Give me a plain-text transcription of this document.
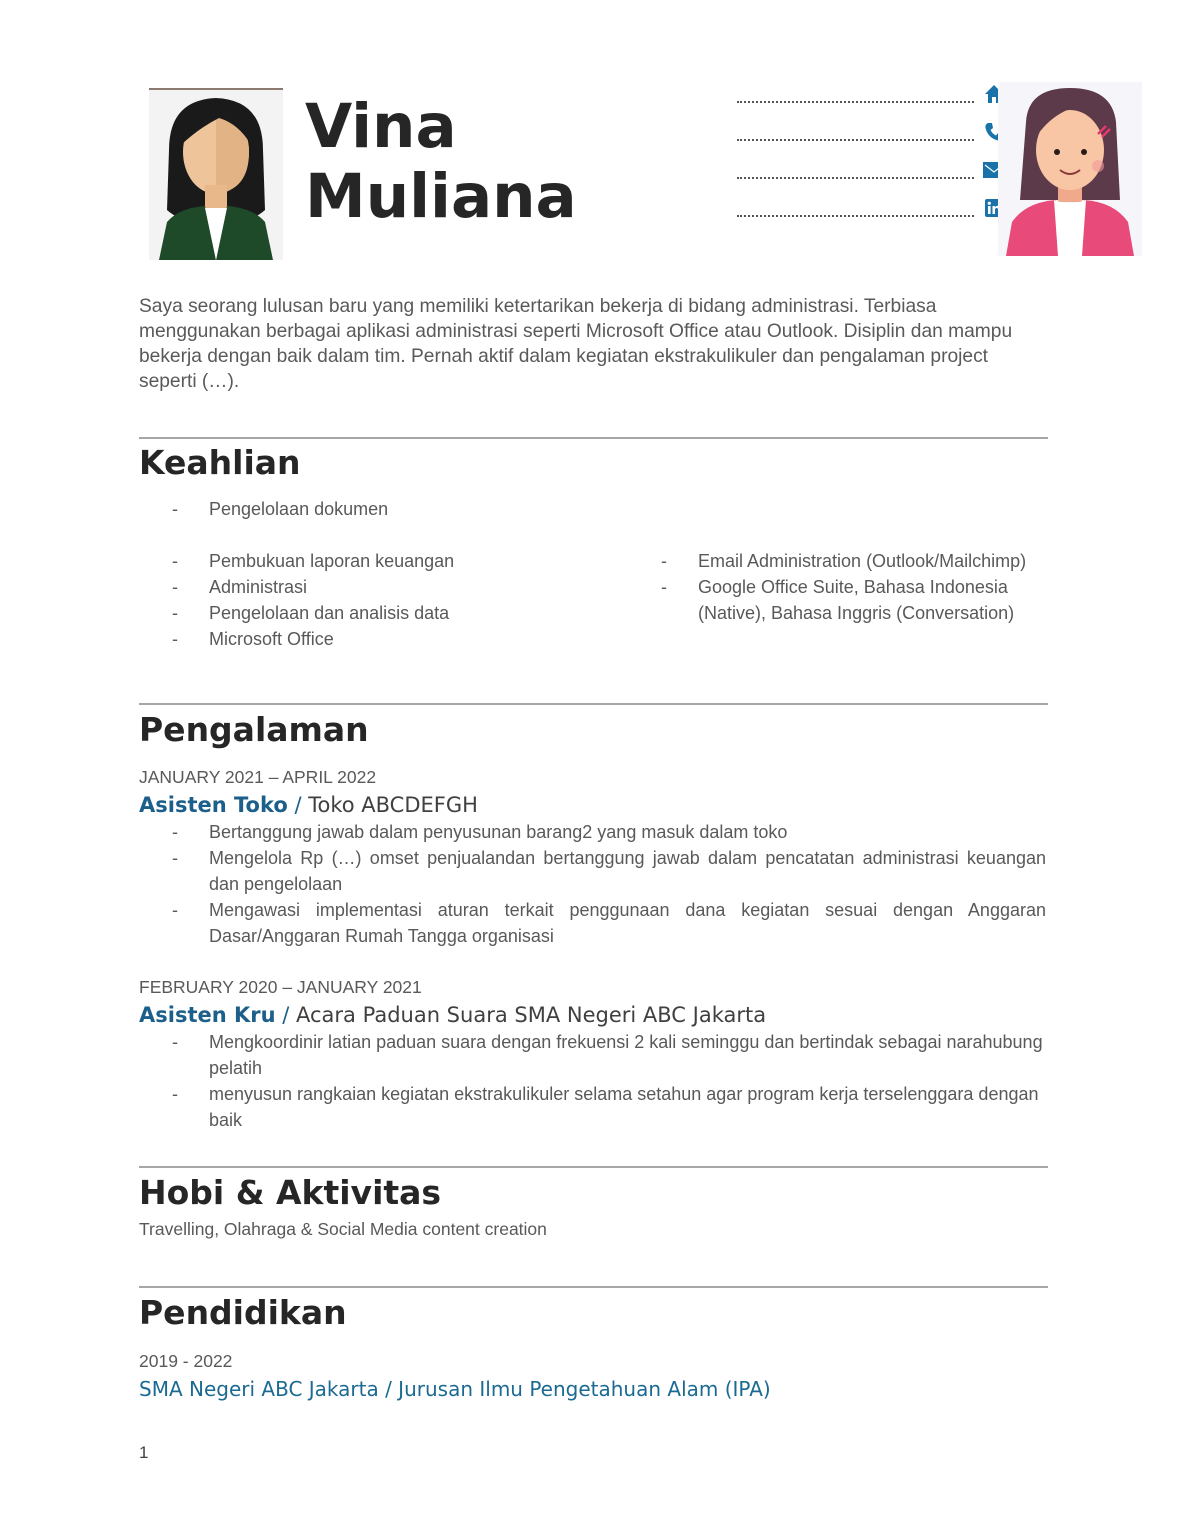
Vina
Muliana
Saya seorang lulusan baru yang memiliki ketertarikan bekerja di bidang administrasi. Terbiasa menggunakan berbagai aplikasi administrasi seperti Microsoft Office atau Outlook. Disiplin dan mampu bekerja dengan baik dalam tim. Pernah aktif dalam kegiatan ekstrakulikuler dan pengalaman project seperti (…).
Keahlian
- Pengelolaan dokumen
- Pembukuan laporan keuangan
- Administrasi
- Pengelolaan dan analisis data
- Microsoft Office
- Email Administration (Outlook/Mailchimp)
- Google Office Suite, Bahasa Indonesia (Native), Bahasa Inggris (Conversation)
Pengalaman
JANUARY 2021 – APRIL 2022
Asisten Toko / Toko ABCDEFGH
- Bertanggung jawab dalam penyusunan barang2 yang masuk dalam toko
- Mengelola Rp (…) omset penjualandan bertanggung jawab dalam pencatatan administrasi keuangan dan pengelolaan
- Mengawasi implementasi aturan terkait penggunaan dana kegiatan sesuai dengan Anggaran Dasar/Anggaran Rumah Tangga organisasi
FEBRUARY 2020 – JANUARY 2021
Asisten Kru / Acara Paduan Suara SMA Negeri ABC Jakarta
- Mengkoordinir latian paduan suara dengan frekuensi 2 kali seminggu dan bertindak sebagai narahubung pelatih
- menyusun rangkaian kegiatan ekstrakulikuler selama setahun agar program kerja terselenggara dengan baik
Hobi & Aktivitas
Travelling, Olahraga & Social Media content creation
Pendidikan
2019 - 2022
SMA Negeri ABC Jakarta / Jurusan Ilmu Pengetahuan Alam (IPA)
1
